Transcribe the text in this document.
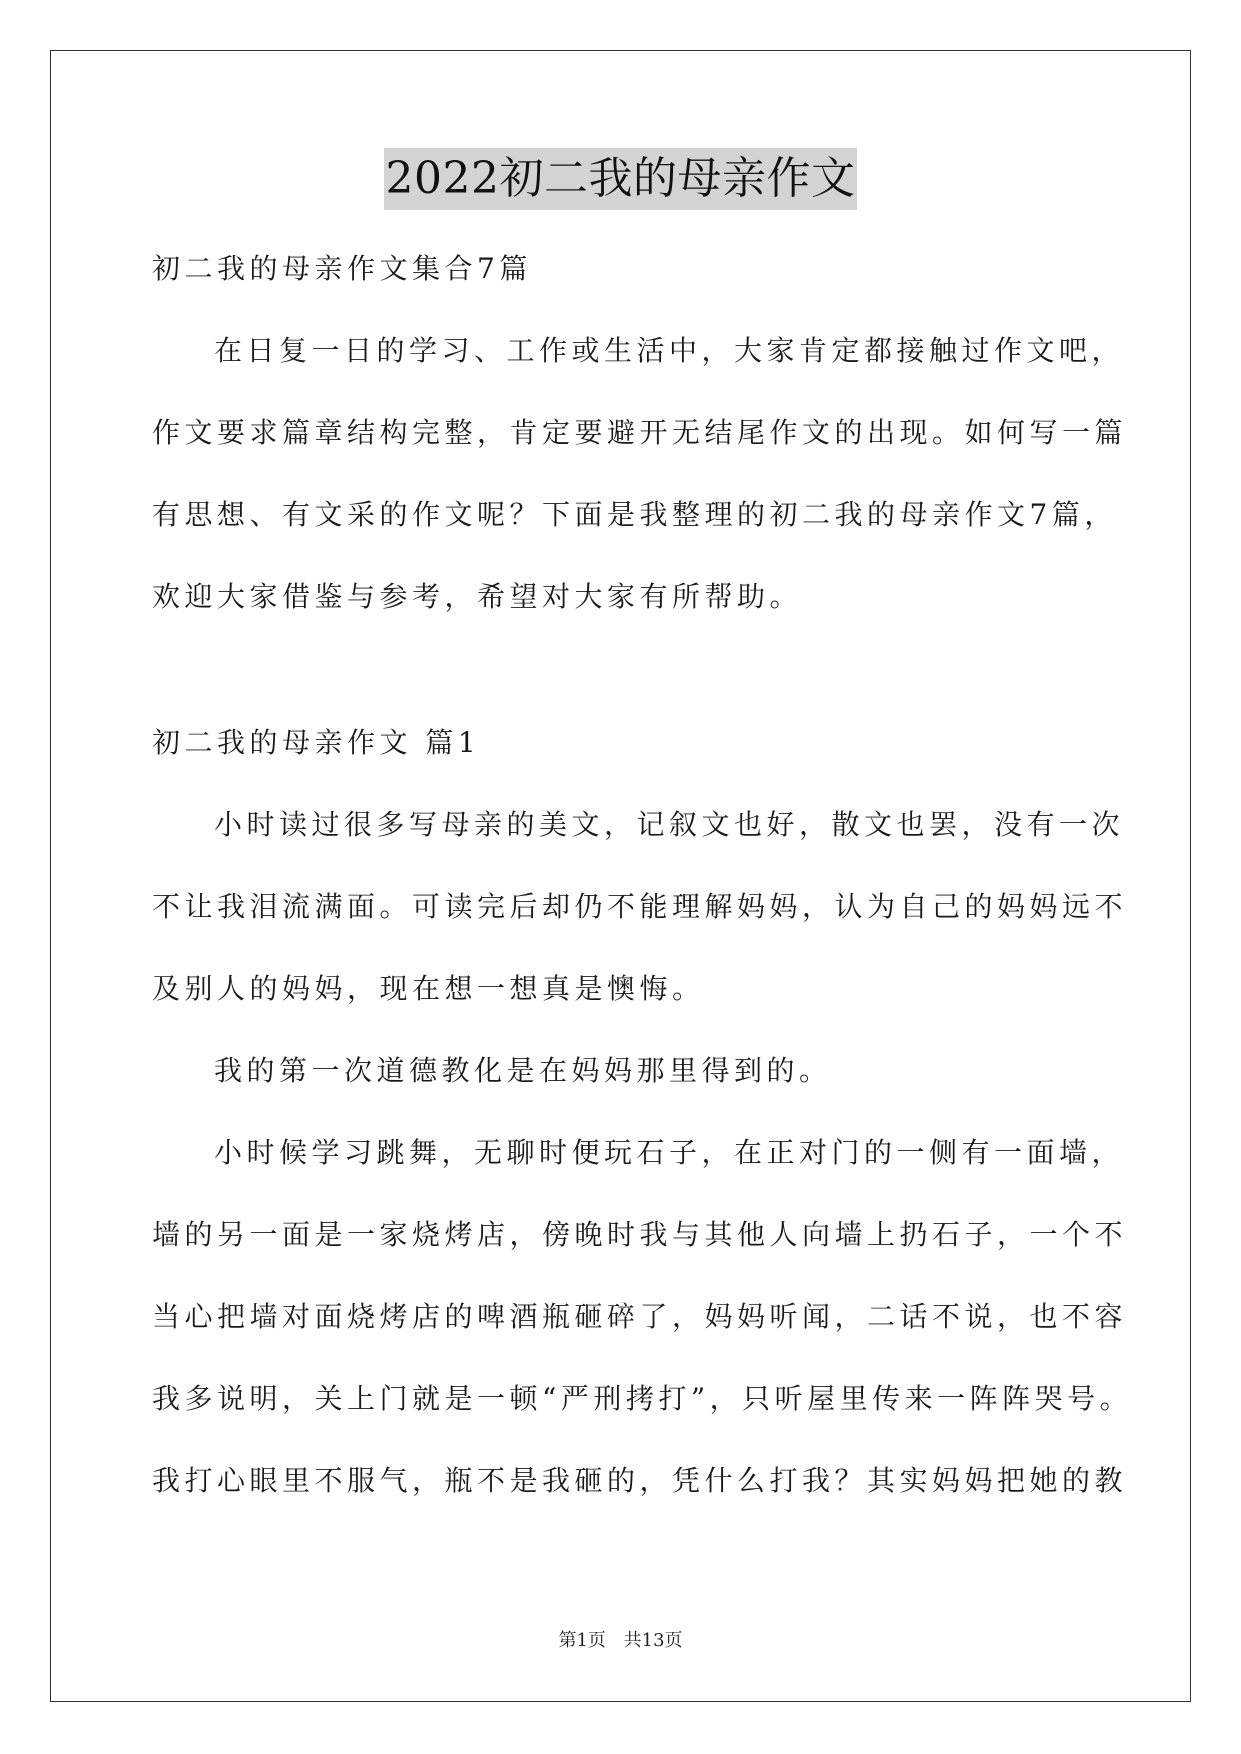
2022初二我的母亲作文
初二我的母亲作文集合7篇
在日复一日的学习、工作或生活中，大家肯定都接触过作文吧，
作文要求篇章结构完整，肯定要避开无结尾作文的出现。如何写一篇
有思想、有文采的作文呢？下面是我整理的初二我的母亲作文7篇，
欢迎大家借鉴与参考，希望对大家有所帮助。
初二我的母亲作文 篇1
小时读过很多写母亲的美文，记叙文也好，散文也罢，没有一次
不让我泪流满面。可读完后却仍不能理解妈妈，认为自己的妈妈远不
及别人的妈妈，现在想一想真是懊悔。
我的第一次道德教化是在妈妈那里得到的。
小时候学习跳舞，无聊时便玩石子，在正对门的一侧有一面墙，
墙的另一面是一家烧烤店，傍晚时我与其他人向墙上扔石子，一个不
当心把墙对面烧烤店的啤酒瓶砸碎了，妈妈听闻，二话不说，也不容
我多说明，关上门就是一顿“严刑拷打”，只听屋里传来一阵阵哭号。
我打心眼里不服气，瓶不是我砸的，凭什么打我？其实妈妈把她的教
第1页 共13页
